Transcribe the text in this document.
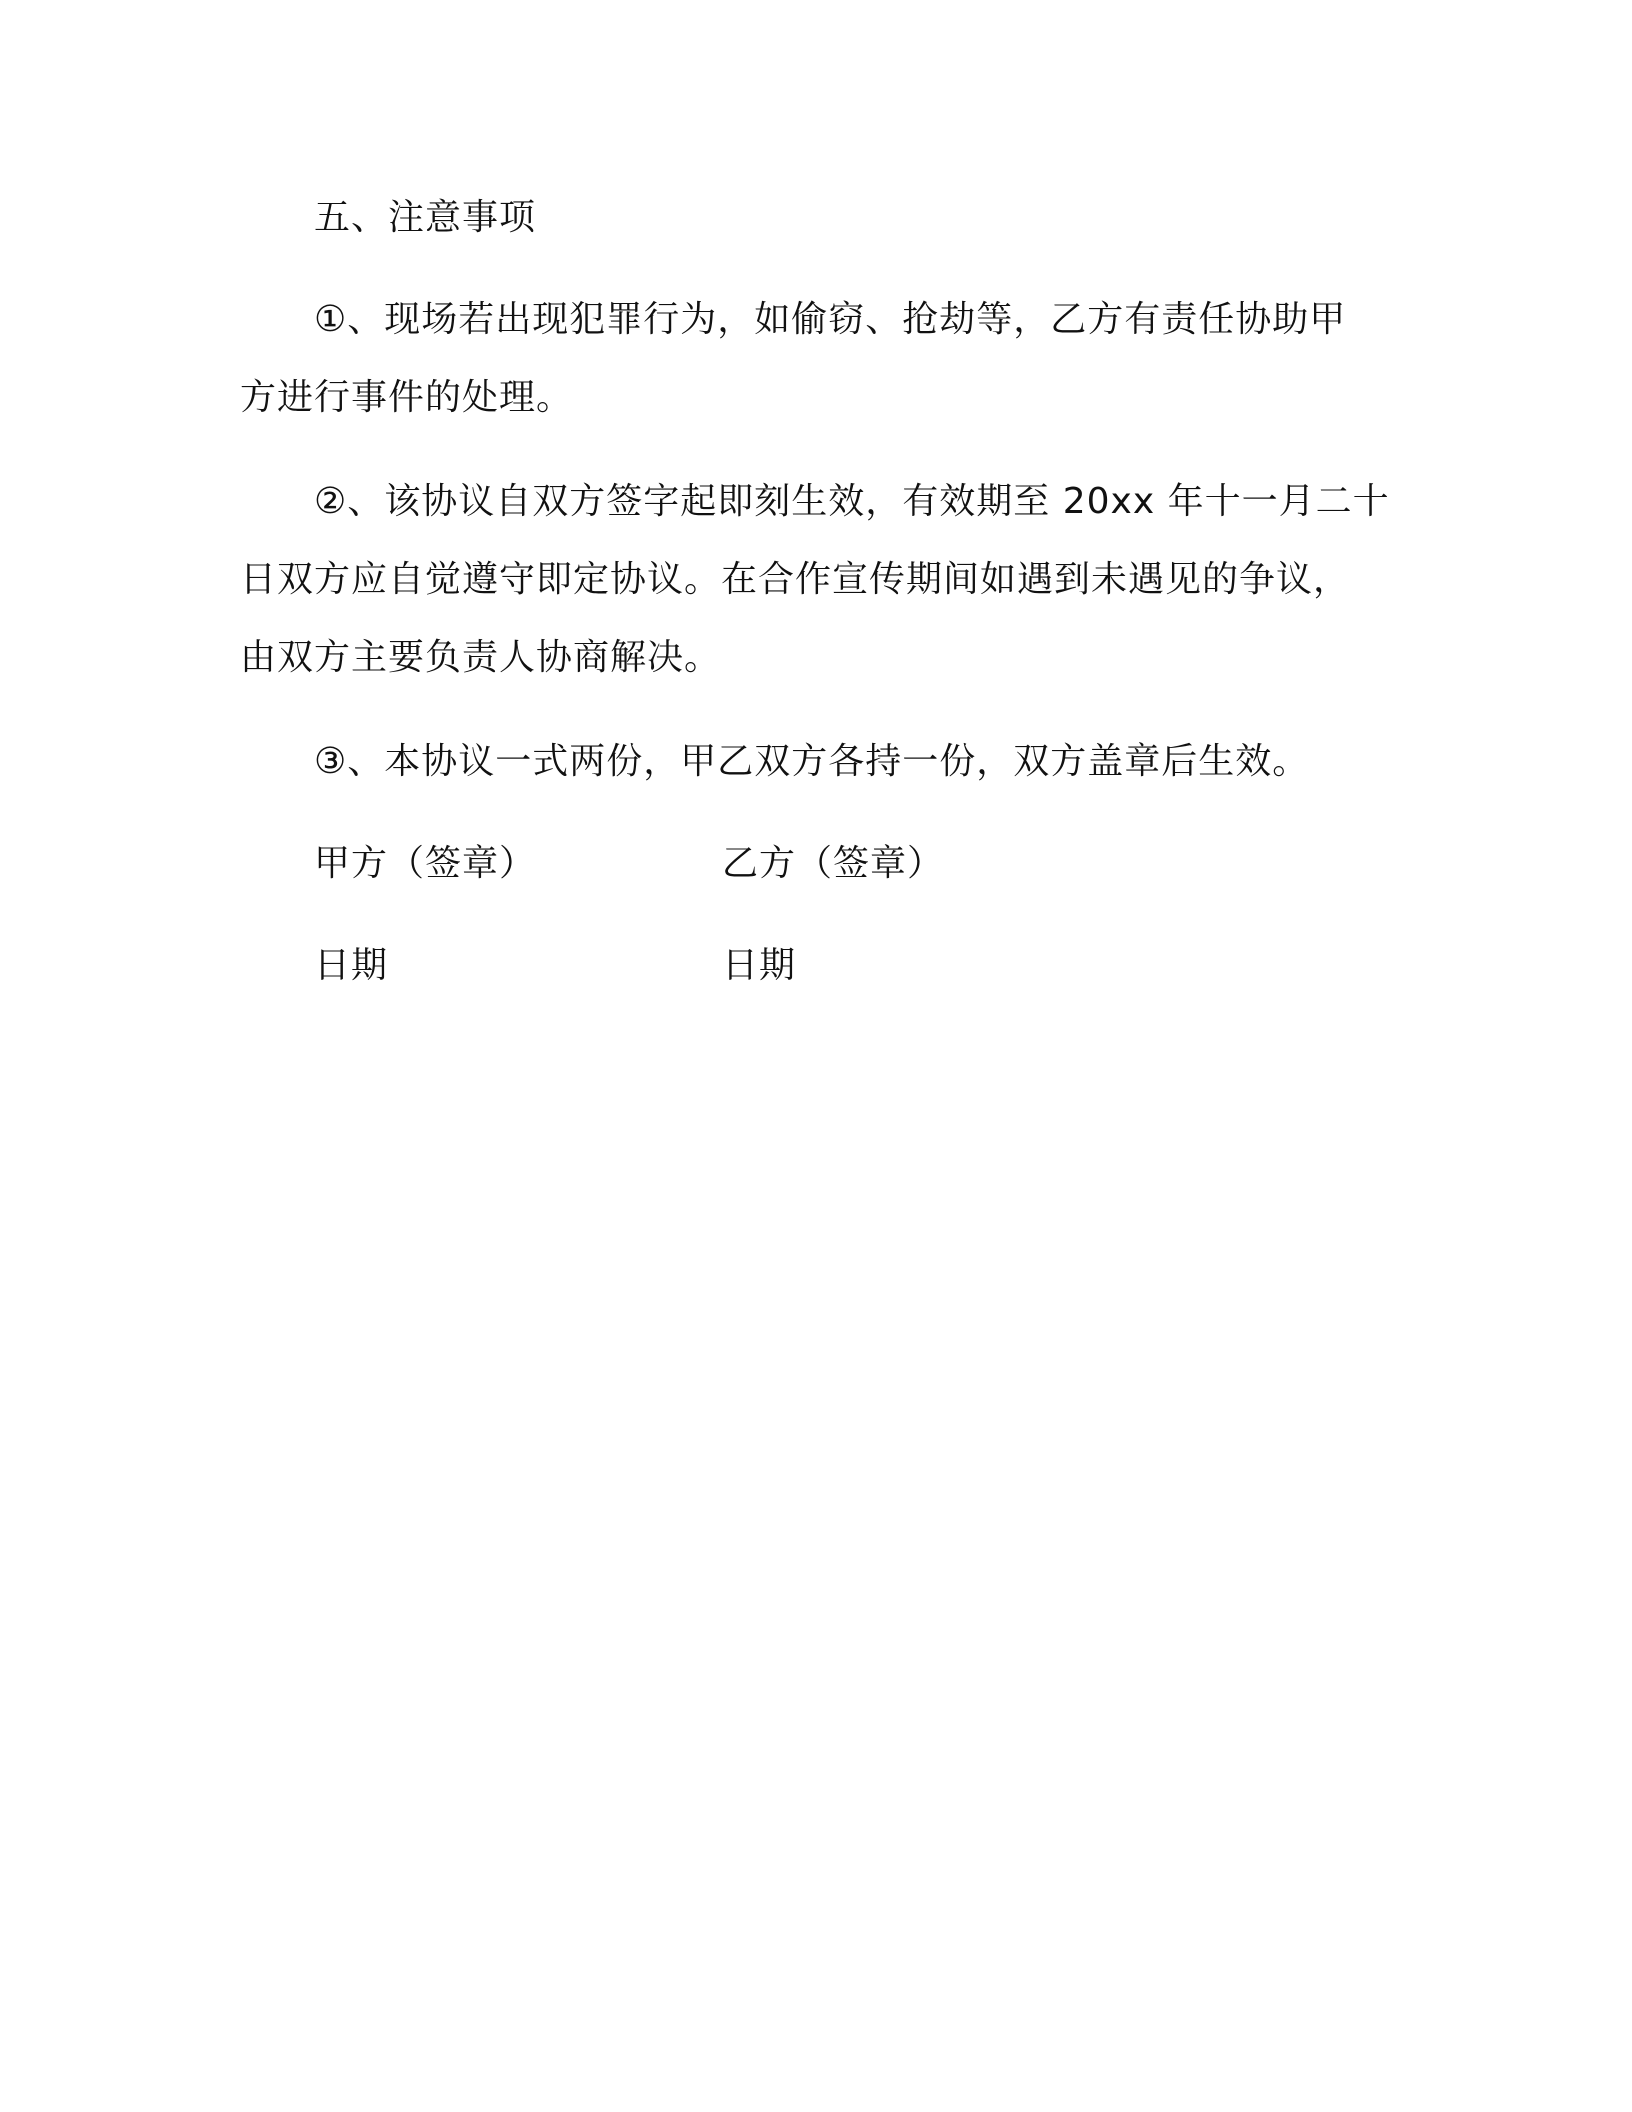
五、注意事项
①、现场若出现犯罪行为，如偷窃、抢劫等，乙方有责任协助甲
方进行事件的处理。
②、该协议自双方签字起即刻生效，有效期至 20xx 年十一月二十
日双方应自觉遵守即定协议。在合作宣传期间如遇到未遇见的争议，
由双方主要负责人协商解决。
③、本协议一式两份，甲乙双方各持一份，双方盖章后生效。
甲方（签章）	乙方（签章）
日期	日期
